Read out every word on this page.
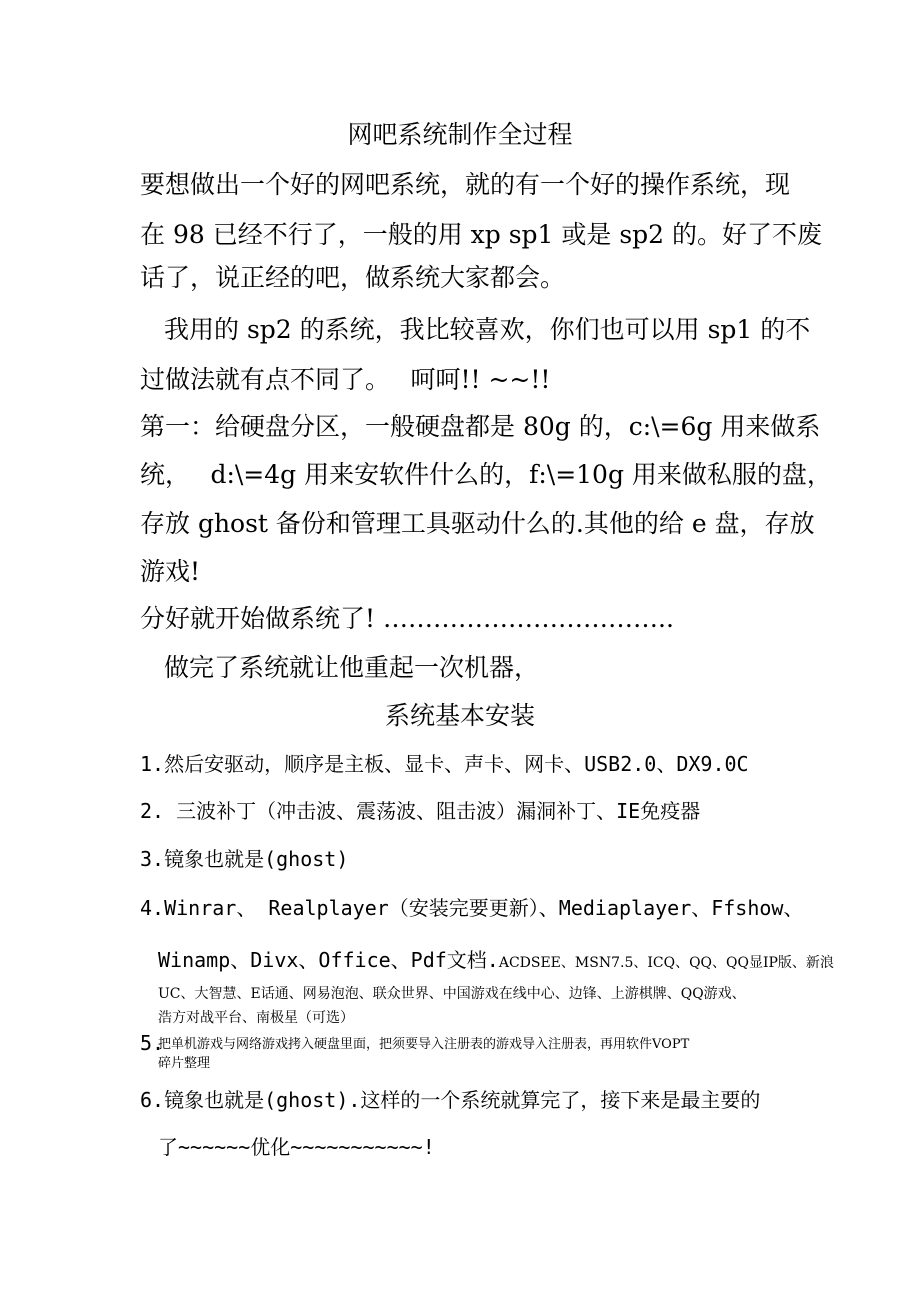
网吧系统制作全过程
要想做出一个好的网吧系统，就的有一个好的操作系统，现
在 98 已经不行了，一般的用 xp sp1 或是 sp2 的。好了不废
话了，说正经的吧，做系统大家都会。
我用的 sp2 的系统，我比较喜欢，你们也可以用 sp1 的不
过做法就有点不同了。　 呵呵!! ~~!!
第一：给硬盘分区，一般硬盘都是 80g 的，c:\=6g 用来做系
统，　 d:\=4g 用来安软件什么的，f:\=10g 用来做私服的盘，
存放 ghost 备份和管理工具驱动什么的.其他的给 e 盘，存放
游戏!
分好就开始做系统了! ……………………………..
做完了系统就让他重起一次机器，
系统基本安装
1.然后安驱动，顺序是主板、显卡、声卡、网卡、USB2.0、DX9.0C
2. 三波补丁（冲击波、震荡波、阻击波）漏洞补丁、IE免疫器
3.镜象也就是(ghost)
4.Winrar、 Realplayer（安装完要更新）、Mediaplayer、Ffshow、
Winamp、Divx、Office、Pdf文档.ACDSEE、MSN7.5、ICQ、QQ、QQ显IP版、新浪
UC、大智慧、E话通、网易泡泡、联众世界、中国游戏在线中心、边锋、上游棋牌、QQ游戏、
浩方对战平台、南极星（可选）
5.
把单机游戏与网络游戏拷入硬盘里面，把须要导入注册表的游戏导入注册表，再用软件VOPT
碎片整理
6.镜象也就是(ghost).这样的一个系统就算完了，接下来是最主要的
了~~~~~~优化~~~~~~~~~~~!
